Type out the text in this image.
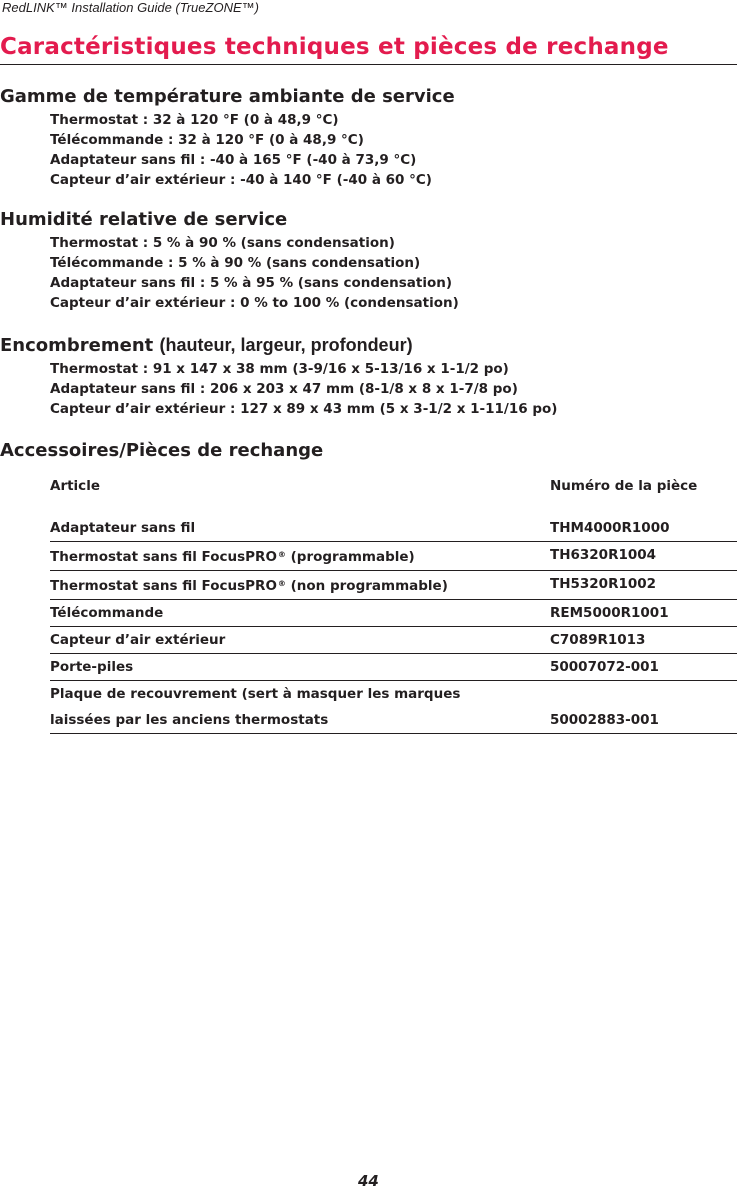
RedLINK™ Installation Guide (TrueZONE™)
Caractéristiques techniques et pièces de rechange
Gamme de température ambiante de service
Thermostat : 32 à 120 °F (0 à 48,9 °C)
Télécommande : 32 à 120 °F (0 à 48,9 °C)
Adaptateur sans fil : -40 à 165 °F (-40 à 73,9 °C)
Capteur d’air extérieur : -40 à 140 °F (-40 à 60 °C)
Humidité relative de service
Thermostat : 5 % à 90 % (sans condensation)
Télécommande : 5 % à 90 % (sans condensation)
Adaptateur sans fil : 5 % à 95 % (sans condensation)
Capteur d’air extérieur : 0 % to 100 % (condensation)
Encombrement (hauteur, largeur, profondeur)
Thermostat : 91 x 147 x 38 mm (3-9/16 x 5-13/16 x 1-1/2 po)
Adaptateur sans fil : 206 x 203 x 47 mm (8-1/8 x 8 x 1-7/8 po)
Capteur d’air extérieur : 127 x 89 x 43 mm (5 x 3-1/2 x 1-11/16 po)
Accessoires/Pièces de rechange
Article	Numéro de la pièce
Adaptateur sans fil	THM4000R1000
Thermostat sans fil FocusPRO® (programmable)	TH6320R1004
Thermostat sans fil FocusPRO® (non programmable)	TH5320R1002
Télécommande	REM5000R1001
Capteur d’air extérieur	C7089R1013
Porte-piles	50007072-001
Plaque de recouvrement (sert à masquer les marques
laissées par les anciens thermostats	50002883-001
44
